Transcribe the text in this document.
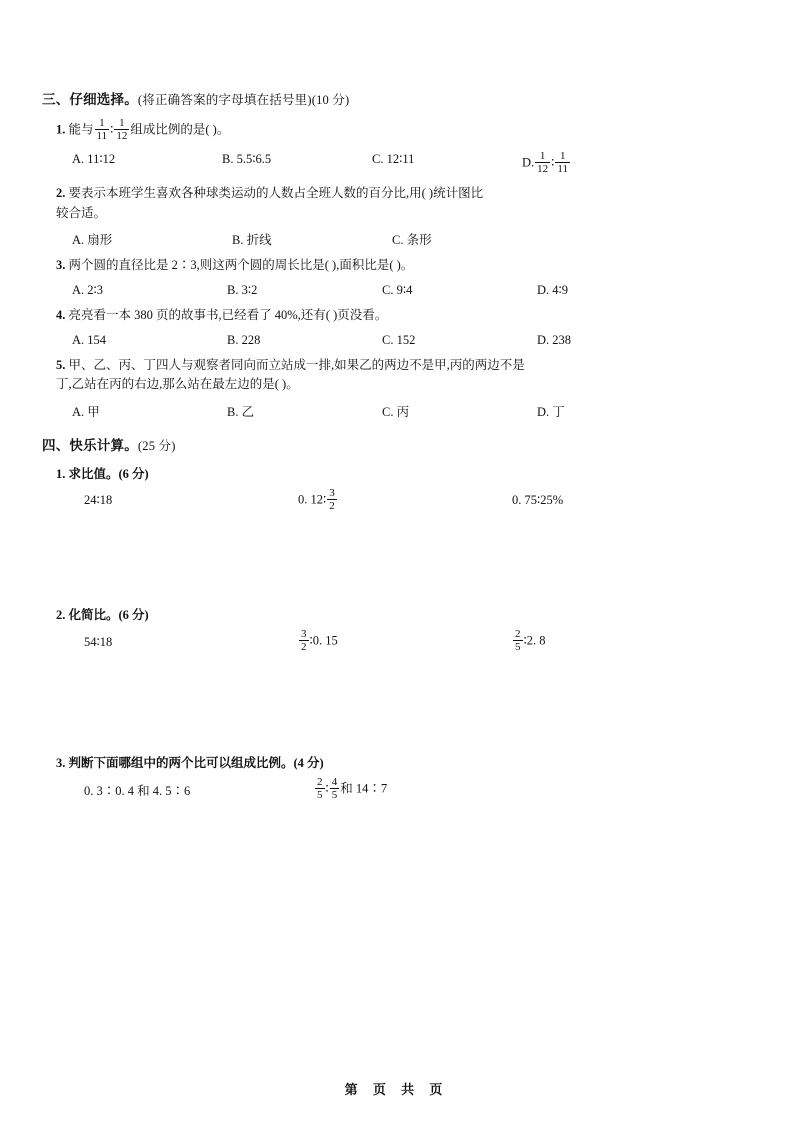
三、仔细选择。(将正确答案的字母填在括号里)(10 分)
1. 能与 $\frac{1}{11}$ ∶ $\frac{1}{12}$ 组成比例的是( )。
A. 11∶12	B. 5.5∶6.5	C. 12∶11	D. $\frac{1}{12}$ ∶ $\frac{1}{11}$
2. 要表示本班学生喜欢各种球类运动的人数占全班人数的百分比,用( )统计图比
较合适。
A. 扇形	B. 折线	C. 条形
3. 两个圆的直径比是 2∶3,则这两个圆的周长比是( ),面积比是( )。
A. 2∶3	B. 3∶2	C. 9∶4	D. 4∶9
4. 亮亮看一本 380 页的故事书,已经看了 40%,还有( )页没看。
A. 154	B. 228	C. 152	D. 238
5. 甲、乙、丙、丁四人与观察者同向而立站成一排,如果乙的两边不是甲,丙的两边不是
丁,乙站在丙的右边,那么站在最左边的是( )。
A. 甲	B. 乙	C. 丙	D. 丁
四、快乐计算。(25 分)
1. 求比值。(6 分)
24∶18	0. 12∶ $\frac{3}{2}$	0. 75∶25%
2. 化简比。(6 分)
54∶18	$\frac{3}{2}$ ∶0. 15	$\frac{2}{5}$ ∶2. 8
3. 判断下面哪组中的两个比可以组成比例。(4 分)
0. 3∶0. 4 和 4. 5∶6	$\frac{2}{5}$ ∶ $\frac{4}{5}$ 和 14∶7
第 页 共 页
